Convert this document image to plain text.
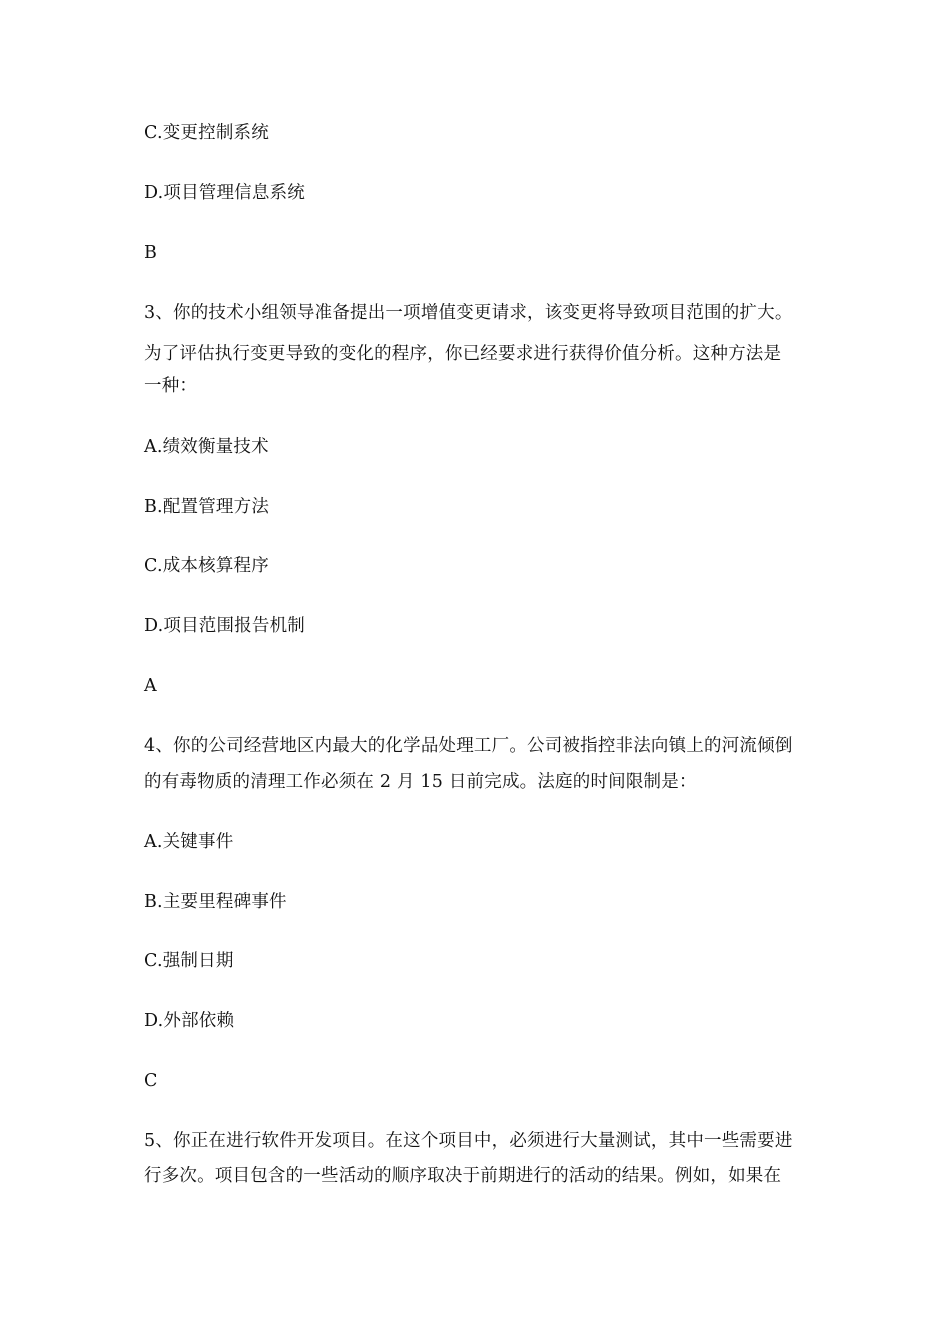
C.变更控制系统
D.项目管理信息系统
B
3、你的技术小组领导准备提出一项增值变更请求，该变更将导致项目范围的扩大。
为了评估执行变更导致的变化的程序，你已经要求进行获得价值分析。这种方法是
一种：
A.绩效衡量技术
B.配置管理方法
C.成本核算程序
D.项目范围报告机制
A
4、你的公司经营地区内最大的化学品处理工厂。公司被指控非法向镇上的河流倾倒
的有毒物质的清理工作必须在 2 月 15 日前完成。法庭的时间限制是：
A.关键事件
B.主要里程碑事件
C.强制日期
D.外部依赖
C
5、你正在进行软件开发项目。在这个项目中，必须进行大量测试，其中一些需要进
行多次。项目包含的一些活动的顺序取决于前期进行的活动的结果。例如，如果在
